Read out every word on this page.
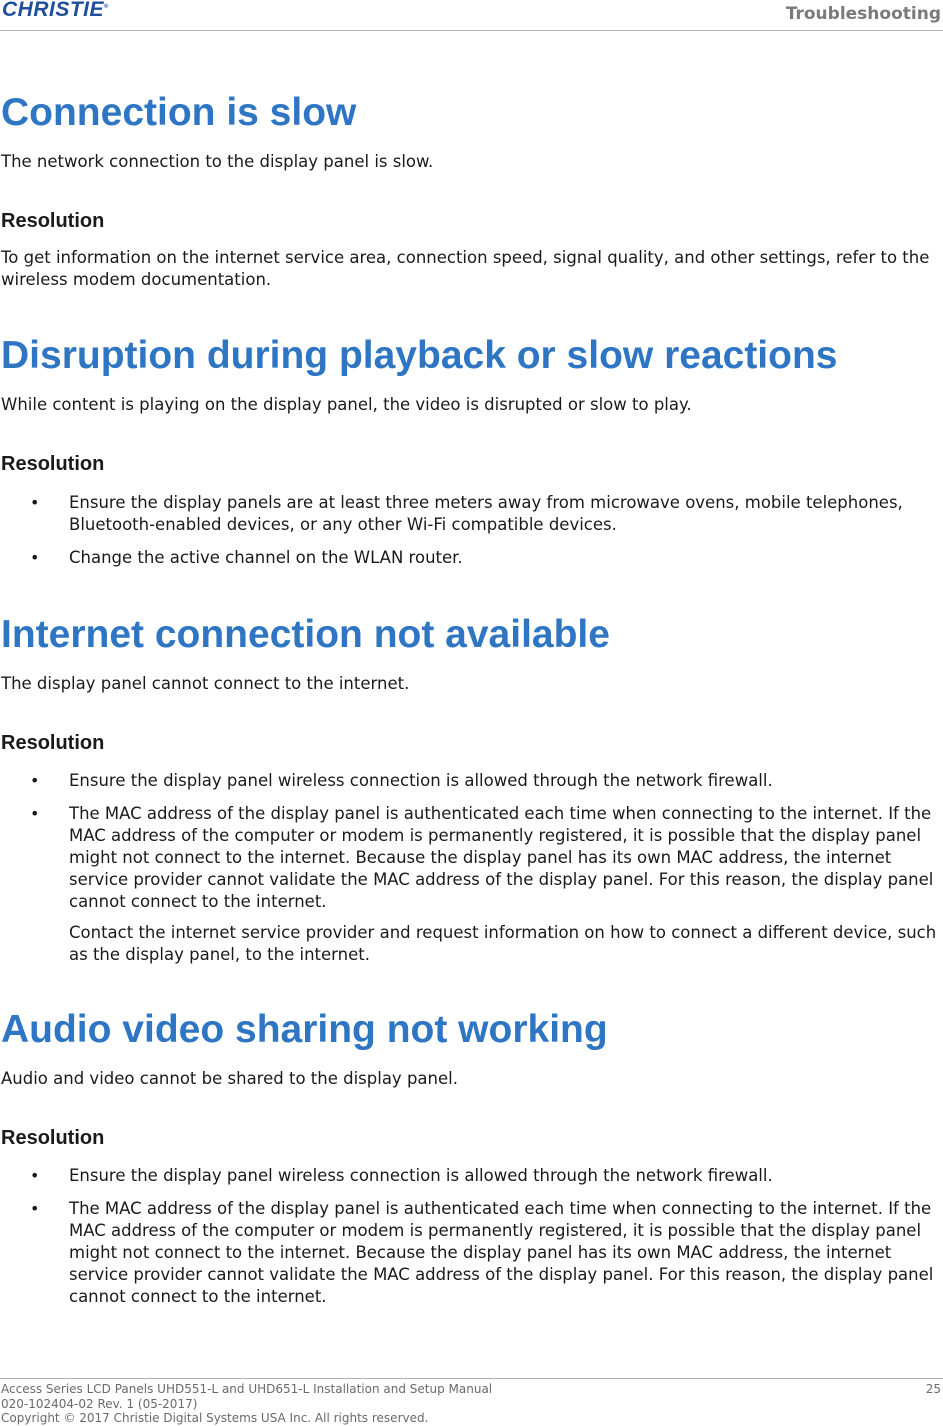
CHRISTIE®	Troubleshooting
Connection is slow

The network connection to the display panel is slow.

Resolution

To get information on the internet service area, connection speed, signal quality, and other settings, refer to the wireless modem documentation.

Disruption during playback or slow reactions

While content is playing on the display panel, the video is disrupted or slow to play.

Resolution
• Ensure the display panels are at least three meters away from microwave ovens, mobile telephones, Bluetooth-enabled devices, or any other Wi-Fi compatible devices.
• Change the active channel on the WLAN router.
Internet connection not available

The display panel cannot connect to the internet.

Resolution
• Ensure the display panel wireless connection is allowed through the network firewall.
• The MAC address of the display panel is authenticated each time when connecting to the internet. If the MAC address of the computer or modem is permanently registered, it is possible that the display panel might not connect to the internet. Because the display panel has its own MAC address, the internet service provider cannot validate the MAC address of the display panel. For this reason, the display panel cannot connect to the internet.
Contact the internet service provider and request information on how to connect a different device, such as the display panel, to the internet.
Audio video sharing not working

Audio and video cannot be shared to the display panel.

Resolution
• Ensure the display panel wireless connection is allowed through the network firewall.
• The MAC address of the display panel is authenticated each time when connecting to the internet. If the MAC address of the computer or modem is permanently registered, it is possible that the display panel might not connect to the internet. Because the display panel has its own MAC address, the internet service provider cannot validate the MAC address of the display panel. For this reason, the display panel cannot connect to the internet.
Access Series LCD Panels UHD551-L and UHD651-L Installation and Setup Manual
020-102404-02 Rev. 1 (05-2017)
Copyright © 2017 Christie Digital Systems USA Inc. All rights reserved.
25
